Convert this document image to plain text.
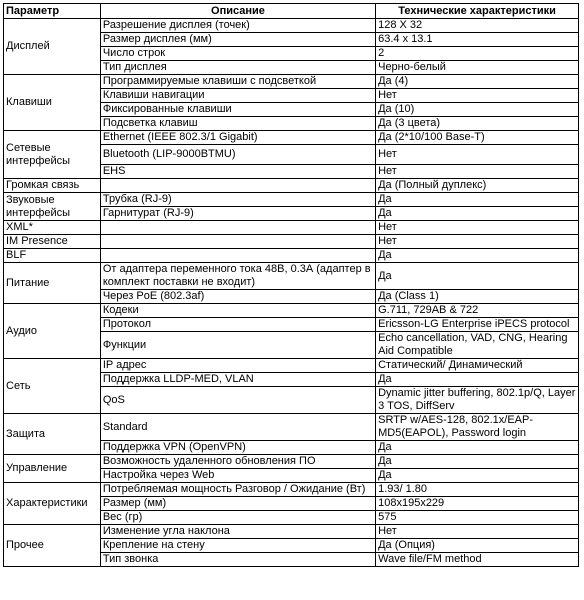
Параметр	Описание	Технические характеристики
Дисплей	Разрешение дисплея (точек)	128 X 32
	Размер дисплея (мм)	63.4 x 13.1
	Число строк	2
	Тип дисплея	Черно-белый
Клавиши	Программируемые клавиши с подсветкой	Да (4)
	Клавиши навигации	Нет
	Фиксированные клавиши	Да (10)
	Подсветка клавиш	Да (3 цвета)
Сетевые интерфейсы	Ethernet (IEEE 802.3/1 Gigabit)	Да (2*10/100 Base-T)
	Bluetooth (LIP-9000BTMU)	Нет
	EHS	Нет
Громкая связь		Да (Полный дуплекс)
Звуковые интерфейсы	Трубка (RJ-9)	Да
	Гарнитурат (RJ-9)	Да
XML*		Нет
IM Presence		Нет
BLF		Да
Питание	От адаптера переменного тока 48В, 0.3А (адаптер в комплект поставки не входит)	Да
	Через PoE (802.3af)	Да (Class 1)
Аудио	Кодеки	G.711, 729AB & 722
	Протокол	Ericsson-LG Enterprise iPECS protocol
	Функции	Echo cancellation, VAD, CNG, Hearing Aid Compatible
Сеть	IP адрес	Статический/ Динамический
	Поддержка LLDP-MED, VLAN	Да
	QoS	Dynamic jitter buffering, 802.1p/Q, Layer 3 TOS, DiffServ
Защита	Standard	SRTP w/AES-128, 802.1x/EAP-MD5(EAPOL), Password login
	Поддержка VPN (OpenVPN)	Да
Управление	Возможность удаленного обновления ПО	Да
	Настройка через Web	Да
Характеристики	Потребляемая мощность Разговор / Ожидание (Вт)	1.93/ 1.80
	Размер (мм)	108x195x229
	Вес (гр)	575
Прочее	Изменение угла наклона	Нет
	Крепление на стену	Да (Опция)
	Тип звонка	Wave file/FM method
